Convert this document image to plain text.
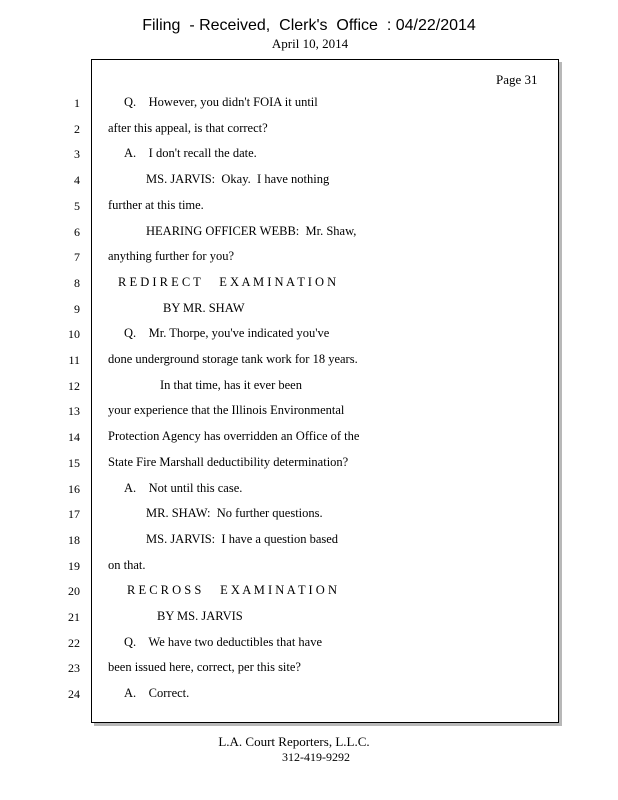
Filing  - Received,  Clerk's  Office  : 04/22/2014
April 10, 2014
Page 31
1	Q.    However, you didn't FOIA it until
2 after this appeal, is that correct?
3	A.    I don't recall the date.
4	MS. JARVIS:  Okay.  I have nothing
5 further at this time.
6	HEARING OFFICER WEBB:  Mr. Shaw,
7 anything further for you?
8	R E D I R E C T      E X A M I N A T I O N
9	BY MR. SHAW
10	Q.    Mr. Thorpe, you've indicated you've
11 done underground storage tank work for 18 years.
12	In that time, has it ever been
13 your experience that the Illinois Environmental
14 Protection Agency has overridden an Office of the
15 State Fire Marshall deductibility determination?
16	A.    Not until this case.
17	MR. SHAW:  No further questions.
18	MS. JARVIS:  I have a question based
19 on that.
20	R E C R O S S      E X A M I N A T I O N
21	BY MS. JARVIS
22	Q.    We have two deductibles that have
23 been issued here, correct, per this site?
24	A.    Correct.
L.A. Court Reporters, L.L.C.
312-419-9292
